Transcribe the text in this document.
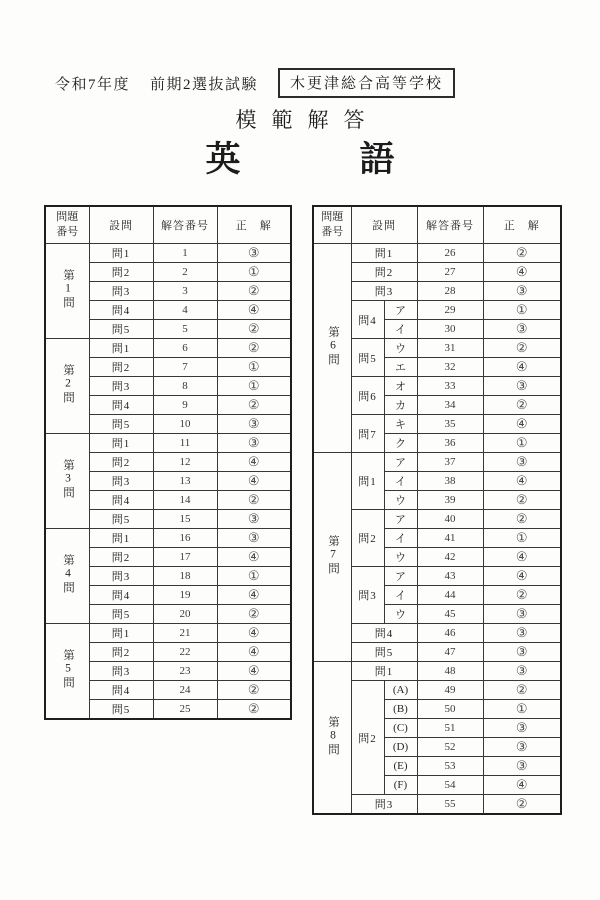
令和7年度 前期2選抜試験	木更津総合高等学校
模範解答
英　語
問題番号	設問	解答番号	正　解
第1問	問1	1	③
	問2	2	①
	問3	3	②
	問4	4	④
	問5	5	②
第2問	問1	6	②
	問2	7	①
	問3	8	①
	問4	9	②
	問5	10	③
第3問	問1	11	③
	問2	12	④
	問3	13	④
	問4	14	②
	問5	15	③
第4問	問1	16	③
	問2	17	④
	問3	18	①
	問4	19	④
	問5	20	②
第5問	問1	21	④
	問2	22	④
	問3	23	④
	問4	24	②
	問5	25	②
問題番号	設問		解答番号	正　解
第6問	問1		26	②
	問2		27	④
	問3		28	③
	問4	ア	29	①
		イ	30	③
	問5	ウ	31	②
		エ	32	④
	問6	オ	33	③
		カ	34	②
	問7	キ	35	④
		ク	36	①
第7問	問1	ア	37	③
		イ	38	④
		ウ	39	②
	問2	ア	40	②
		イ	41	①
		ウ	42	④
	問3	ア	43	④
		イ	44	②
		ウ	45	③
	問4		46	③
	問5		47	③
第8問	問1		48	③
	問2	(A)	49	②
		(B)	50	①
		(C)	51	③
		(D)	52	③
		(E)	53	③
		(F)	54	④
	問3		55	②
